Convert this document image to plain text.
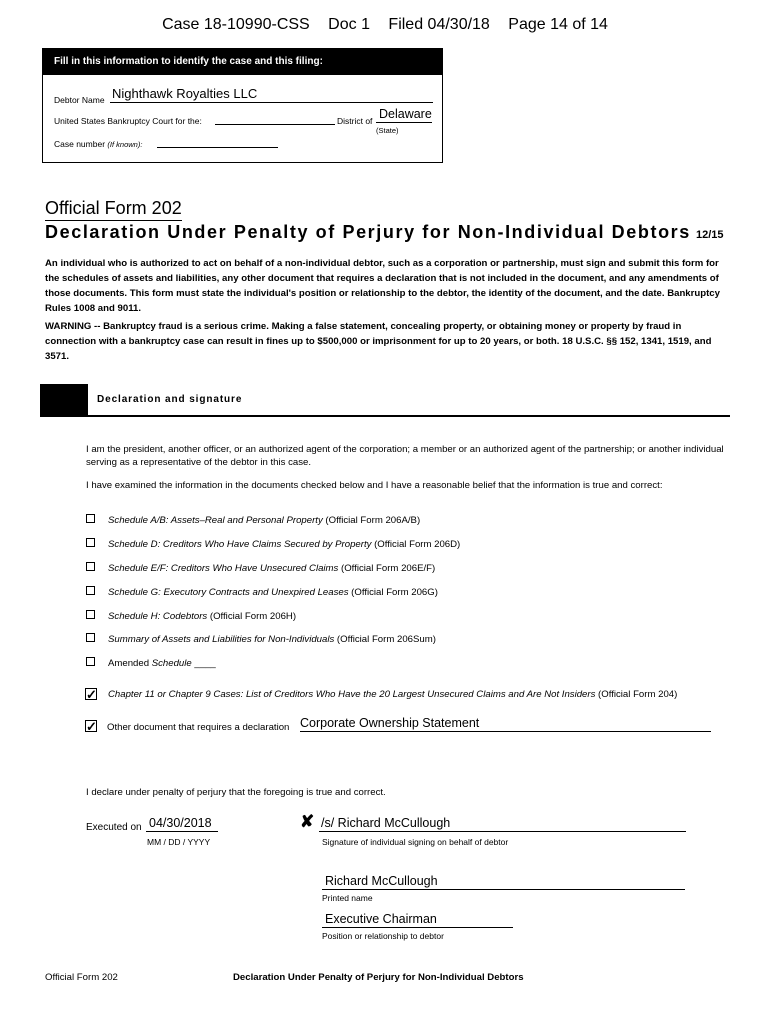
Case 18-10990-CSS Doc 1 Filed 04/30/18 Page 14 of 14
Fill in this information to identify the case and this filing:
Debtor Name Nighthawk Royalties LLC
United States Bankruptcy Court for the:	District of Delaware
(State)
Case number (If known):
Official Form 202
Declaration Under Penalty of Perjury for Non-Individual Debtors 12/15
An individual who is authorized to act on behalf of a non-individual debtor, such as a corporation or partnership, must sign and submit this form for the schedules of assets and liabilities, any other document that requires a declaration that is not included in the document, and any amendments of those documents. This form must state the individual's position or relationship to the debtor, the identity of the document, and the date. Bankruptcy Rules 1008 and 9011.
WARNING -- Bankruptcy fraud is a serious crime. Making a false statement, concealing property, or obtaining money or property by fraud in connection with a bankruptcy case can result in fines up to $500,000 or imprisonment for up to 20 years, or both. 18 U.S.C. §§ 152, 1341, 1519, and 3571.
Declaration and signature
I am the president, another officer, or an authorized agent of the corporation; a member or an authorized agent of the partnership; or another individual serving as a representative of the debtor in this case.
I have examined the information in the documents checked below and I have a reasonable belief that the information is true and correct:
Schedule A/B: Assets–Real and Personal Property (Official Form 206A/B)
Schedule D: Creditors Who Have Claims Secured by Property (Official Form 206D)
Schedule E/F: Creditors Who Have Unsecured Claims (Official Form 206E/F)
Schedule G: Executory Contracts and Unexpired Leases (Official Form 206G)
Schedule H: Codebtors (Official Form 206H)
Summary of Assets and Liabilities for Non-Individuals (Official Form 206Sum)
Amended Schedule ____
✓ Chapter 11 or Chapter 9 Cases: List of Creditors Who Have the 20 Largest Unsecured Claims and Are Not Insiders (Official Form 204)
✓ Other document that requires a declaration Corporate Ownership Statement
I declare under penalty of perjury that the foregoing is true and correct.
Executed on 04/30/2018
MM / DD / YYYY
✘ /s/ Richard McCullough
Signature of individual signing on behalf of debtor
Richard McCullough
Printed name
Executive Chairman
Position or relationship to debtor
Official Form 202	Declaration Under Penalty of Perjury for Non-Individual Debtors
